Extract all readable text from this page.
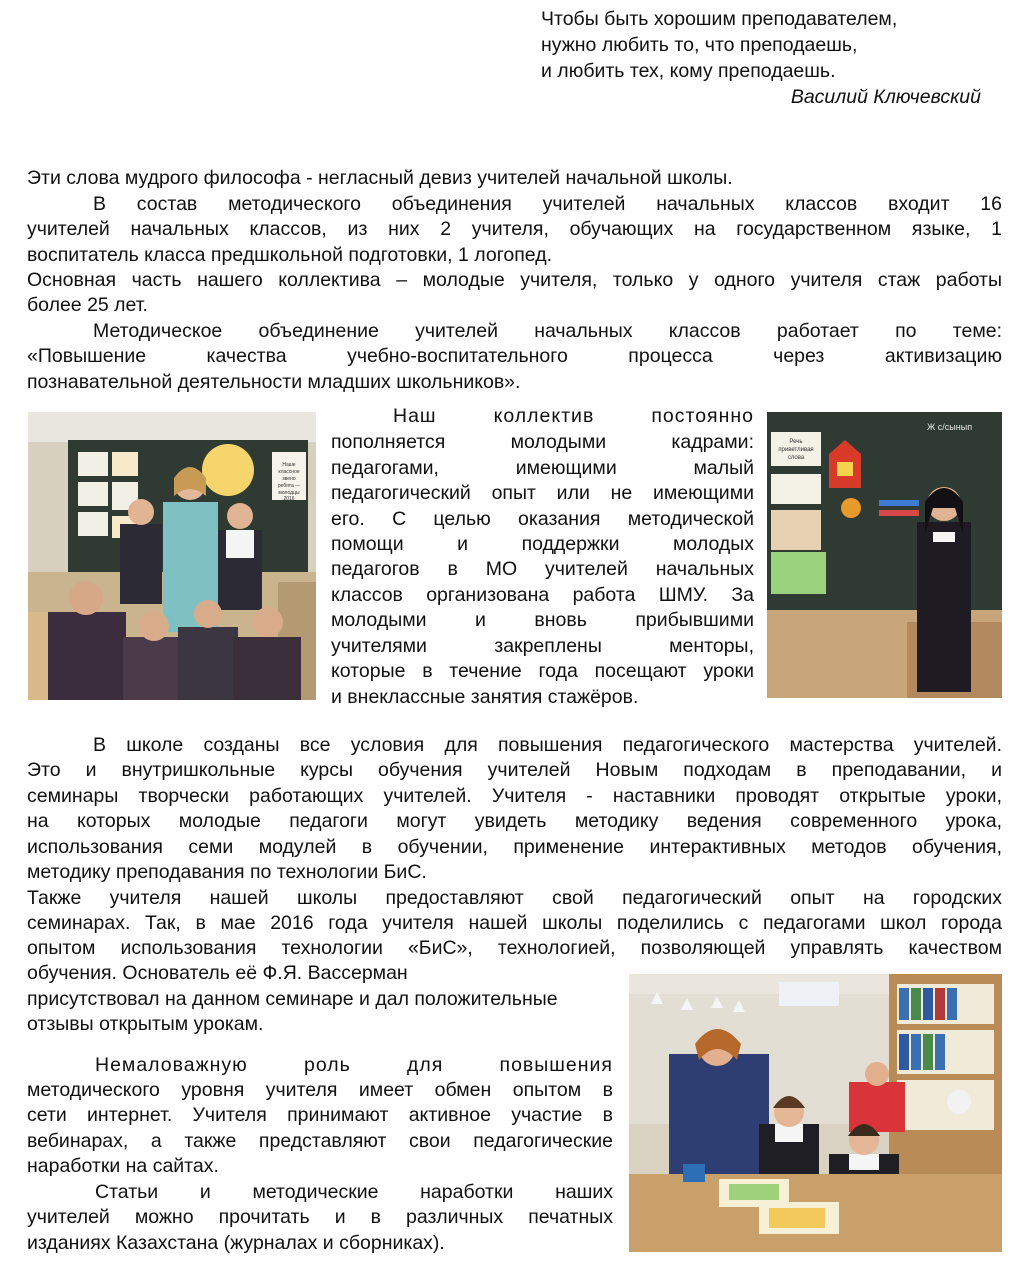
Чтобы быть хорошим преподавателем,
нужно любить то, что преподаешь,
и любить тех, кому преподаешь.
Василий Ключевский

Эти слова мудрого философа - негласный девиз учителей начальной школы.

В состав методического объединения учителей начальных классов входит 16

учителей начальных классов, из них 2 учителя, обучающих на государственном языке, 1

воспитатель класса предшкольной подготовки, 1 логопед.

Основная часть нашего коллектива – молодые учителя, только у одного учителя стаж работы

более 25 лет.

Методическое объединение учителей начальных классов работает по теме:

«Повышение качества учебно-воспитательного процесса через активизацию

познавательной деятельности младших школьников».

Наше
классное
звено
ребята —
молодцы
2016

Наш коллектив постоянно

пополняется молодыми кадрами:

педагогами, имеющими малый

педагогический опыт или не имеющими

его. С целью оказания методической

помощи и поддержки молодых

педагогов в МО учителей начальных

классов организована работа ШМУ. За

молодыми и вновь прибывшими

учителями закреплены менторы,

которые в течение года посещают уроки

и внеклассные занятия стажёров.

Ж с/сынып
Речь
приветливая
слова

В школе созданы все условия для повышения педагогического мастерства учителей.

Это и внутришкольные курсы обучения учителей Новым подходам в преподавании, и

семинары творчески работающих учителей. Учителя - наставники проводят открытые уроки,

на которых молодые педагоги могут увидеть методику ведения современного урока,

использования семи модулей в обучении, применение интерактивных методов обучения,

методику преподавания по технологии БиС.

Также учителя нашей школы предоставляют свой педагогический опыт на городских

семинарах. Так, в мае 2016 года учителя нашей школы поделились с педагогами школ города

опытом использования технологии «БиС», технологией, позволяющей управлять качеством

обучения. Основатель её Ф.Я. Вассерман

присутствовал на данном семинаре и дал положительные

отзывы открытым урокам.

Немаловажную роль для повышения

методического уровня учителя имеет обмен опытом в

сети интернет. Учителя принимают активное участие в

вебинарах, а также представляют свои педагогические

наработки на сайтах.

Статьи и методические наработки наших

учителей можно прочитать и в различных печатных

изданиях Казахстана (журналах и сборниках).
